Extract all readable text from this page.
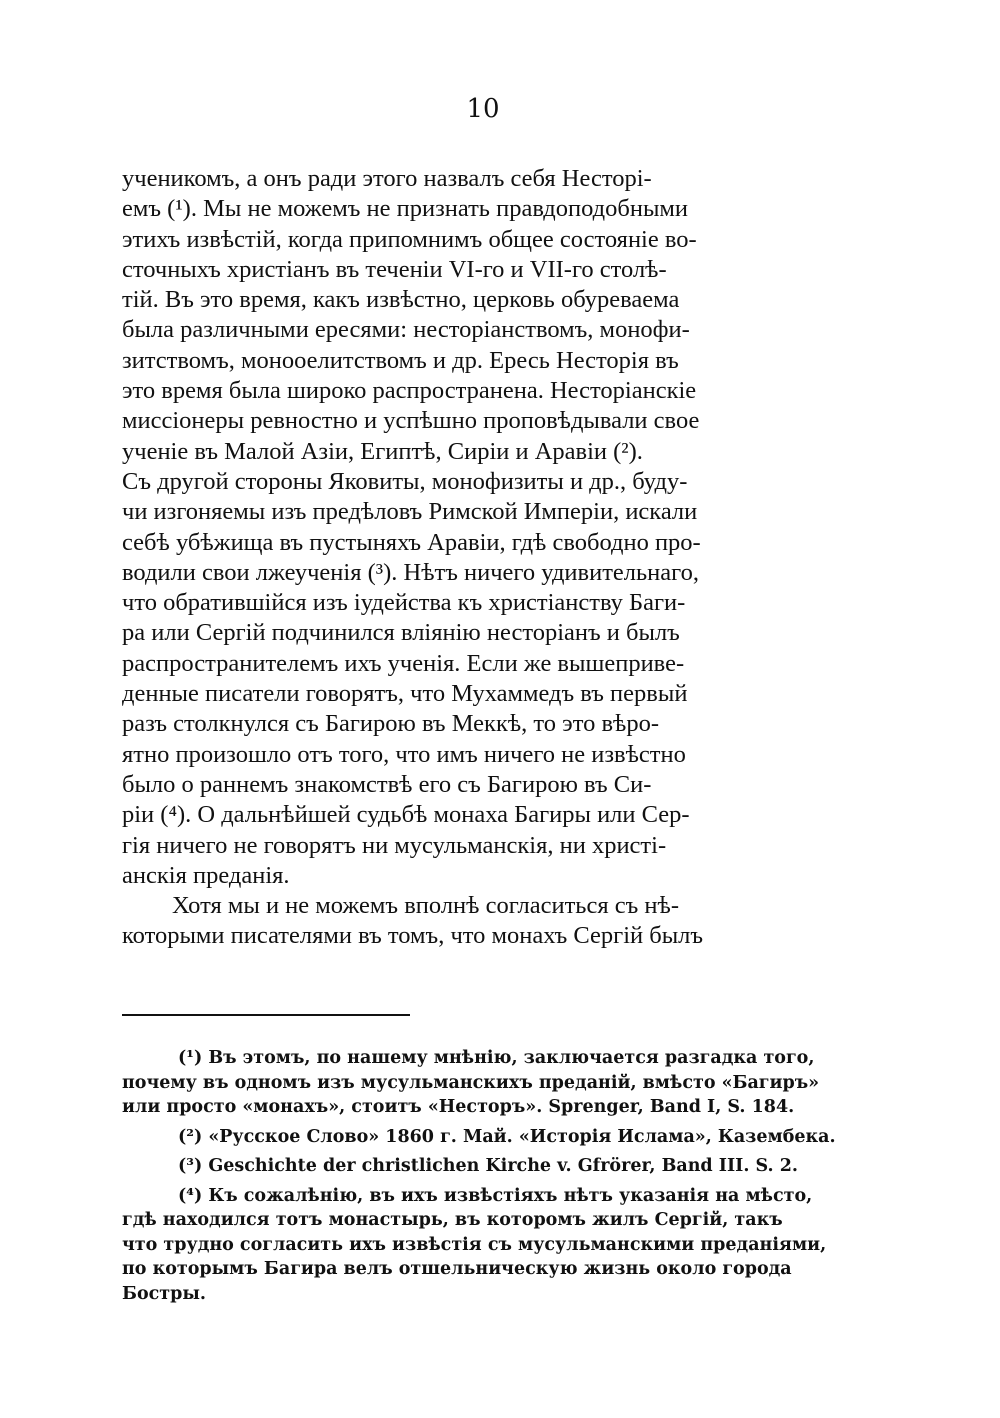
10
ученикомъ, а онъ ради этого назвалъ себя Несторi-
емъ (¹). Мы не можемъ не признать правдоподобными
этихъ извѣстiй, когда припомнимъ общее состоянiе во-
сточныхъ христiанъ въ теченiи VI-го и VII-го столѣ-
тiй. Въ это время, какъ извѣстно, церковь обуреваема
была различными ересями: несторiанствомъ, монофи-
зитствомъ, монооелитствомъ и др. Ересь Несторiя въ
это время была широко распространена. Несторiанскiе
миссiонеры ревностно и успѣшно проповѣдывали свое
ученiе въ Малой Азiи, Египтѣ, Сирiи и Аравiи (²).
Съ другой стороны Яковиты, монофизиты и др., буду-
чи изгоняемы изъ предѣловъ Римской Имперiи, искали
себѣ убѣжища въ пустыняхъ Аравiи, гдѣ свободно про-
водили свои лжеученiя (³). Нѣтъ ничего удивительнаго,
что обратившiйся изъ iудейства къ христiанству Баги-
ра или Сергiй подчинился влiянiю несторiанъ и былъ
распространителемъ ихъ ученiя. Если же вышеприве-
денные писатели говорятъ, что Мухаммедъ въ первый
разъ столкнулся съ Багирою въ Меккѣ, то это вѣро-
ятно произошло отъ того, что имъ ничего не извѣстно
было о раннемъ знакомствѣ его съ Багирою въ Си-
рiи (⁴). О дальнѣйшей судьбѣ монаха Багиры или Сер-
гiя ничего не говорятъ ни мусульманскiя, ни христi-
анскiя преданiя.
Хотя мы и не можемъ вполнѣ согласиться съ нѣ-
которыми писателями въ томъ, что монахъ Сергiй былъ
(¹) Въ этомъ, по нашему мнѣнiю, заключается разгадка того,
почему въ одномъ изъ мусульманскихъ преданiй, вмѣсто «Багиръ»
или просто «монахъ», стоитъ «Несторъ». Sprenger, Band I, S. 184.
(²) «Русское Слово» 1860 г. Май. «Исторiя Ислама», Казембека.
(³) Geschichte der christlichen Kirche v. Gfrörer, Band III. S. 2.
(⁴) Къ сожалѣнiю, въ ихъ извѣстiяхъ нѣтъ указанiя на мѣсто,
гдѣ находился тотъ монастырь, въ которомъ жилъ Сергiй, такъ
что трудно согласить ихъ извѣстiя съ мусульманскими преданiями,
по которымъ Багира велъ отшельническую жизнь около города
Бостры.
